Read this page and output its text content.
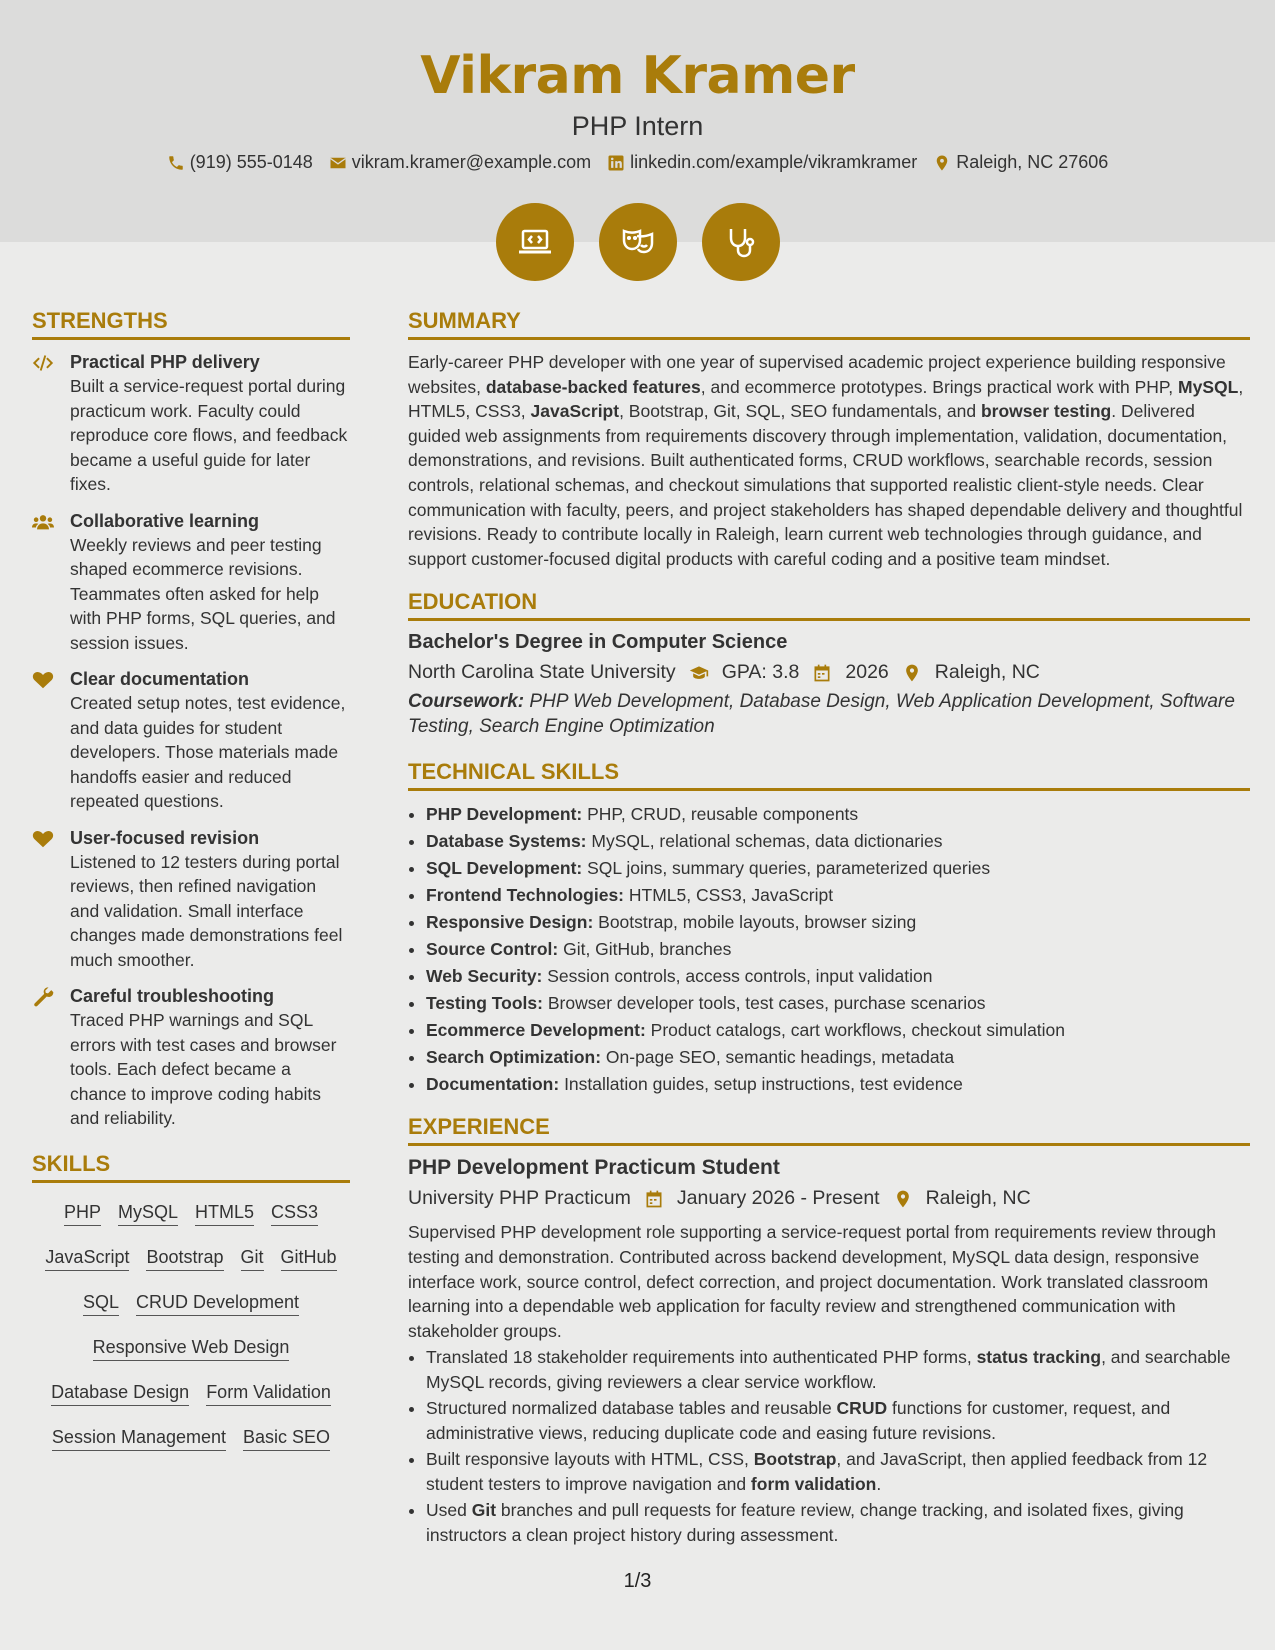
Vikram Kramer
PHP Intern
(919) 555-0148 vikram.kramer@example.com linkedin.com/example/vikramkramer Raleigh, NC 27606
STRENGTHS
Practical PHP delivery
Built a service-request portal during practicum work. Faculty could reproduce core flows, and feedback became a useful guide for later fixes.
Collaborative learning
Weekly reviews and peer testing shaped ecommerce revisions. Teammates often asked for help with PHP forms, SQL queries, and session issues.
Clear documentation
Created setup notes, test evidence, and data guides for student developers. Those materials made handoffs easier and reduced repeated questions.
User-focused revision
Listened to 12 testers during portal reviews, then refined navigation and validation. Small interface changes made demonstrations feel much smoother.
Careful troubleshooting
Traced PHP warnings and SQL errors with test cases and browser tools. Each defect became a chance to improve coding habits and reliability.
SKILLS
PHP MySQL HTML5 CSS3
JavaScript Bootstrap Git GitHub
SQL CRUD Development
Responsive Web Design
Database Design Form Validation
Session Management Basic SEO
SUMMARY

Early-career PHP developer with one year of supervised academic project experience building responsive websites, database-backed features, and ecommerce prototypes. Brings practical work with PHP, MySQL, HTML5, CSS3, JavaScript, Bootstrap, Git, SQL, SEO fundamentals, and browser testing. Delivered guided web assignments from requirements discovery through implementation, validation, documentation, demonstrations, and revisions. Built authenticated forms, CRUD workflows, searchable records, session controls, relational schemas, and checkout simulations that supported realistic client-style needs. Clear communication with faculty, peers, and project stakeholders has shaped dependable delivery and thoughtful revisions. Ready to contribute locally in Raleigh, learn current web technologies through guidance, and support customer-focused digital products with careful coding and a positive team mindset.

EDUCATION
Bachelor's Degree in Computer Science
North Carolina State University GPA: 3.8 2026 Raleigh, NC
Coursework: PHP Web Development, Database Design, Web Application Development, Software Testing, Search Engine Optimization
TECHNICAL SKILLS
• PHP Development: PHP, CRUD, reusable components
• Database Systems: MySQL, relational schemas, data dictionaries
• SQL Development: SQL joins, summary queries, parameterized queries
• Frontend Technologies: HTML5, CSS3, JavaScript
• Responsive Design: Bootstrap, mobile layouts, browser sizing
• Source Control: Git, GitHub, branches
• Web Security: Session controls, access controls, input validation
• Testing Tools: Browser developer tools, test cases, purchase scenarios
• Ecommerce Development: Product catalogs, cart workflows, checkout simulation
• Search Optimization: On-page SEO, semantic headings, metadata
• Documentation: Installation guides, setup instructions, test evidence
EXPERIENCE
PHP Development Practicum Student
University PHP Practicum January 2026 - Present Raleigh, NC

Supervised PHP development role supporting a service-request portal from requirements review through testing and demonstration. Contributed across backend development, MySQL data design, responsive interface work, source control, defect correction, and project documentation. Work translated classroom learning into a dependable web application for faculty review and strengthened communication with stakeholder groups.

• Translated 18 stakeholder requirements into authenticated PHP forms, status tracking, and searchable MySQL records, giving reviewers a clear service workflow.
• Structured normalized database tables and reusable CRUD functions for customer, request, and administrative views, reducing duplicate code and easing future revisions.
• Built responsive layouts with HTML, CSS, Bootstrap, and JavaScript, then applied feedback from 12 student testers to improve navigation and form validation.
• Used Git branches and pull requests for feature review, change tracking, and isolated fixes, giving instructors a clean project history during assessment.
1/3
